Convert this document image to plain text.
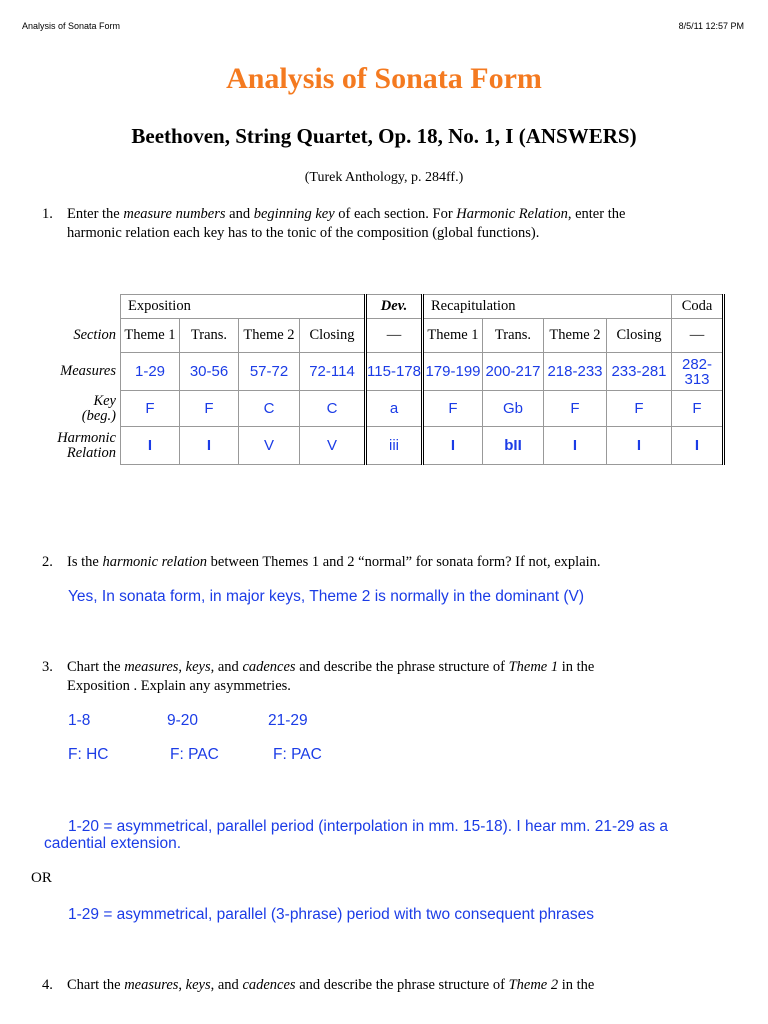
Analysis of Sonata Form	8/5/11 12:57 PM
Analysis of Sonata Form
Beethoven, String Quartet, Op. 18, No. 1, I (ANSWERS)
(Turek Anthology, p. 284ff.)
1. Enter the measure numbers and beginning key of each section. For Harmonic Relation, enter the
harmonic relation each key has to the tonic of the composition (global functions).
	Exposition				Dev.	Recapitulation				Coda	
Section	Theme 1	Trans.	Theme 2	Closing	—	Theme 1	Trans.	Theme 2	Closing	—	
Measures	1-29	30-56	57-72	72-114	115-178	179-199	200-217	218-233	233-281	282-313	
Key
(beg.)	F	F	C	C	a	F	Gb	F	F	F	
Harmonic
Relation	I	I	V	V	iii	I	bII	I	I	I	
2. Is the harmonic relation between Themes 1 and 2 “normal” for sonata form? If not, explain.
Yes, In sonata form, in major keys, Theme 2 is normally in the dominant (V)
3. Chart the measures, keys, and cadences and describe the phrase structure of Theme 1 in the
Exposition . Explain any asymmetries.
1-8	9-20	21-29
F: HC	F: PAC	F: PAC
1-20 = asymmetrical, parallel period (interpolation in mm. 15-18). I hear mm. 21-29 as a
cadential extension.
OR
1-29 = asymmetrical, parallel (3-phrase) period with two consequent phrases
4. Chart the measures, keys, and cadences and describe the phrase structure of Theme 2 in the
